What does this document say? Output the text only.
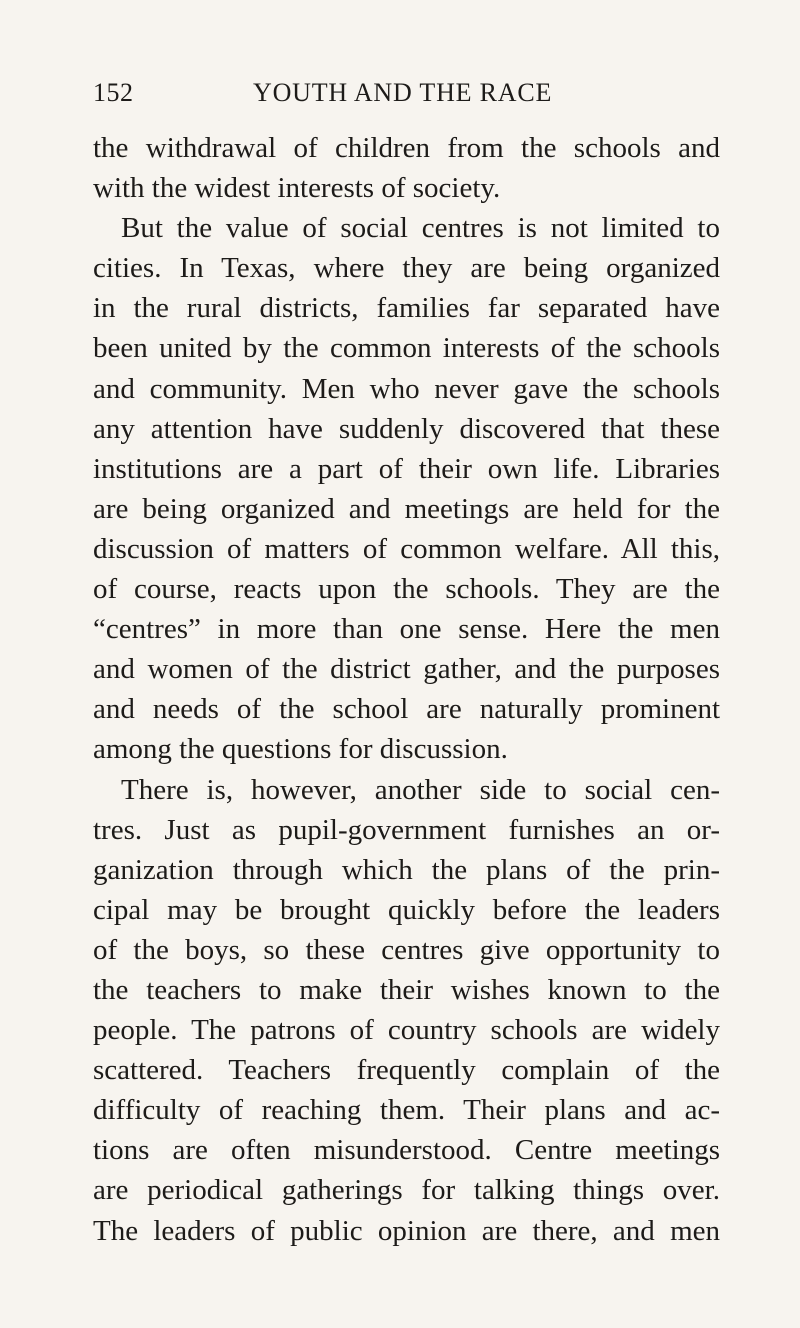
152	YOUTH AND THE RACE
the withdrawal of children from the schools and
with the widest interests of society.
But the value of social centres is not limited to
cities. In Texas, where they are being organized
in the rural districts, families far separated have
been united by the common interests of the schools
and community. Men who never gave the schools
any attention have suddenly discovered that these
institutions are a part of their own life. Libraries
are being organized and meetings are held for the
discussion of matters of common welfare. All this,
of course, reacts upon the schools. They are the
“centres” in more than one sense. Here the men
and women of the district gather, and the purposes
and needs of the school are naturally prominent
among the questions for discussion.
There is, however, another side to social cen-
tres. Just as pupil-government furnishes an or-
ganization through which the plans of the prin-
cipal may be brought quickly before the leaders
of the boys, so these centres give opportunity to
the teachers to make their wishes known to the
people. The patrons of country schools are widely
scattered. Teachers frequently complain of the
difficulty of reaching them. Their plans and ac-
tions are often misunderstood. Centre meetings
are periodical gatherings for talking things over.
The leaders of public opinion are there, and men
